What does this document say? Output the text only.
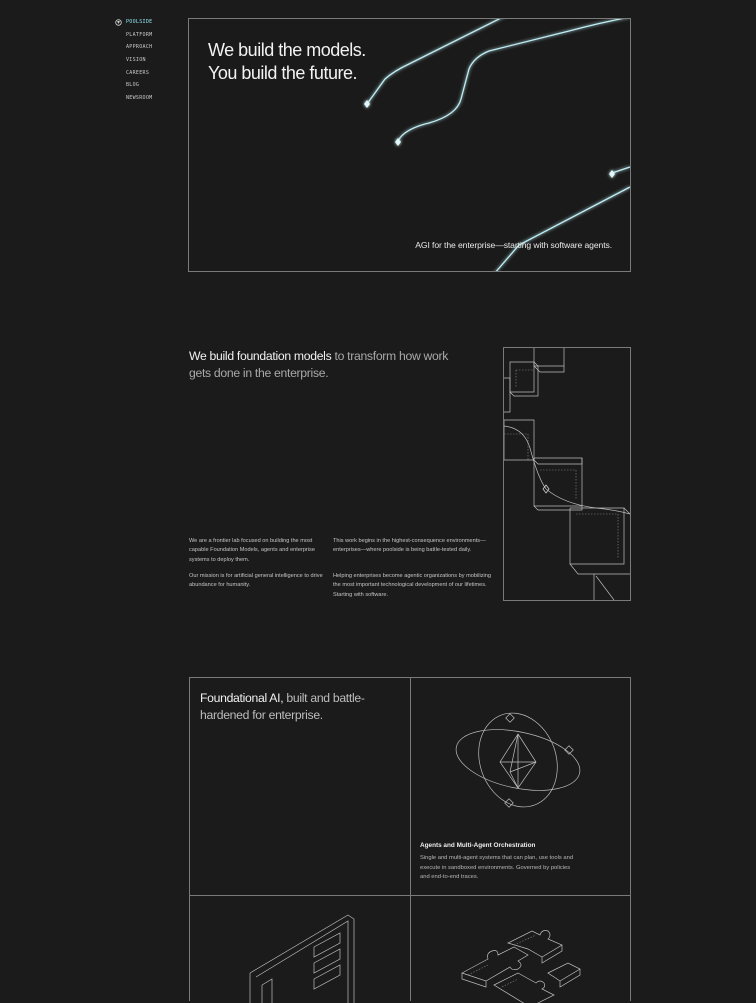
POOLSIDE
PLATFORM
APPROACH
VISION
CAREERS
BLOG
NEWSROOM
We build the models.
You build the future.
AGI for the enterprise—starting with software agents.
We build foundation models to transform how work gets done in the enterprise.

We are a frontier lab focused on building the most capable Foundation Models, agents and enterprise systems to deploy them.

Our mission is for artificial general intelligence to drive abundance for humanity.

This work begins in the highest-consequence environments—enterprises—where poolside is being battle-tested daily.

Helping enterprises become agentic organizations by mobilizing the most important technological development of our lifetimes. Starting with software.

Foundational AI, built and battle-hardened for enterprise.
Agents and Multi-Agent Orchestration

Single and multi-agent systems that can plan, use tools and execute in sandboxed environments. Governed by policies and end-to-end traces.
